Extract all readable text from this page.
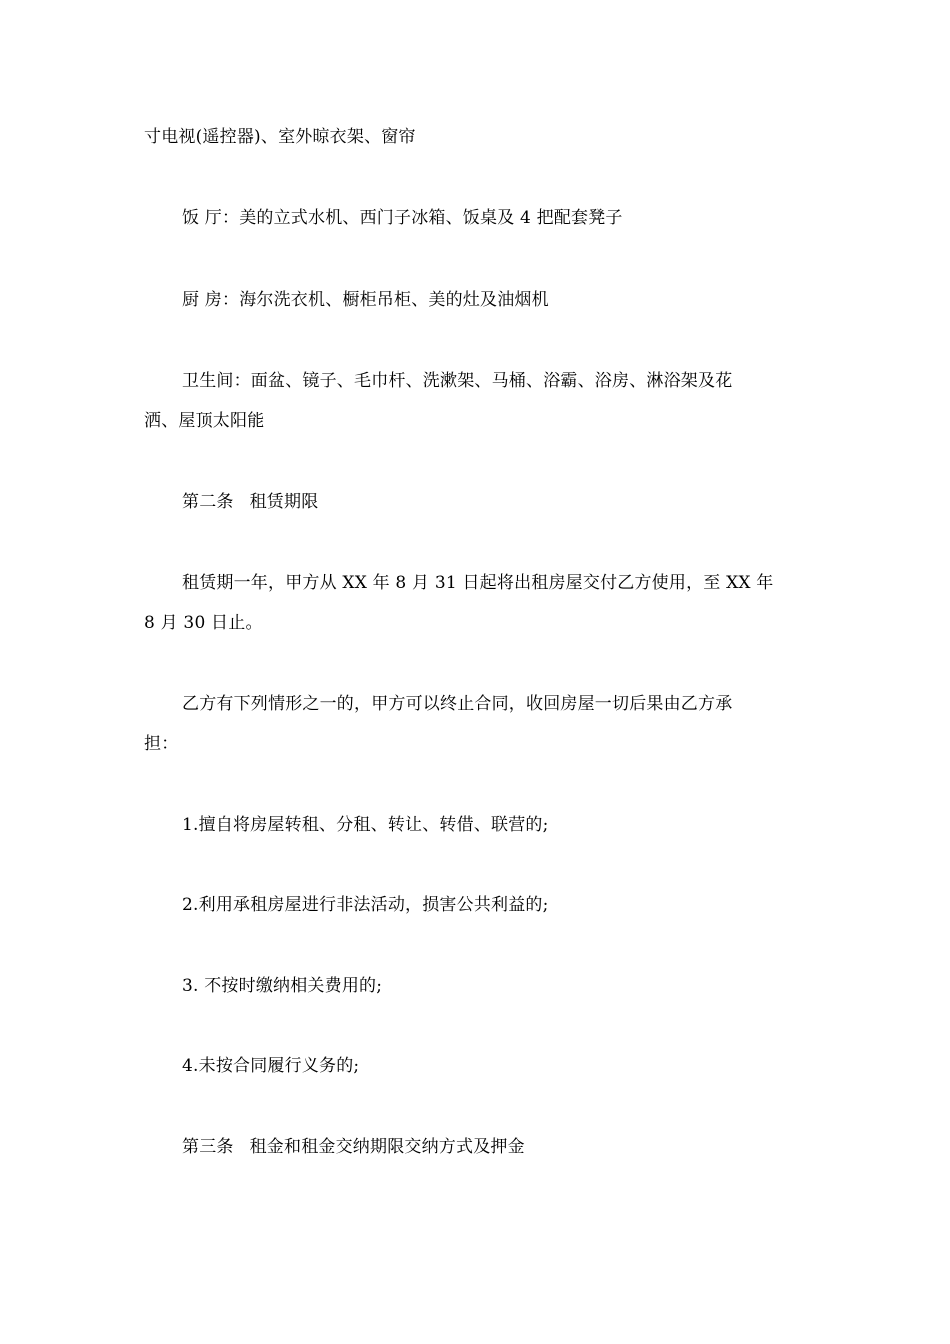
寸电视(遥控器)、室外晾衣架、窗帘
饭 厅：美的立式水机、西门子冰箱、饭桌及 4 把配套凳子
厨 房：海尔洗衣机、橱柜吊柜、美的灶及油烟机
卫生间：面盆、镜子、毛巾杆、洗漱架、马桶、浴霸、浴房、淋浴架及花
洒、屋顶太阳能
第二条 租赁期限
租赁期一年，甲方从 XX 年 8 月 31 日起将出租房屋交付乙方使用，至 XX 年
8 月 30 日止。
乙方有下列情形之一的，甲方可以终止合同，收回房屋一切后果由乙方承
担：
1.擅自将房屋转租、分租、转让、转借、联营的;
2.利用承租房屋进行非法活动，损害公共利益的;
3. 不按时缴纳相关费用的;
4.未按合同履行义务的;
第三条 租金和租金交纳期限交纳方式及押金
